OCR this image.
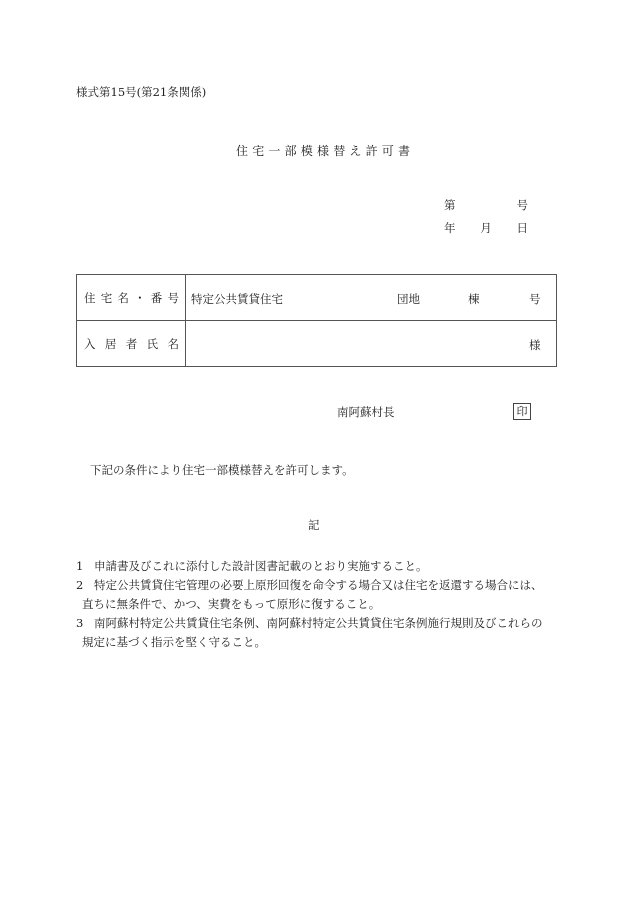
様式第15号(第21条関係)
住宅一部模様替え許可書
第	号
年 月 日
住 宅 名 ・ 番 号	特定公共賃貸住宅	団地	棟	号

入 居 者 氏 名	様
南阿蘇村長	印
下記の条件により住宅一部模様替えを許可します。
記
1 申請書及びこれに添付した設計図書記載のとおり実施すること。
2 特定公共賃貸住宅管理の必要上原形回復を命令する場合又は住宅を返還する場合には、
直ちに無条件で、かつ、実費をもって原形に復すること。
3 南阿蘇村特定公共賃貸住宅条例、南阿蘇村特定公共賃貸住宅条例施行規則及びこれらの
規定に基づく指示を堅く守ること。
